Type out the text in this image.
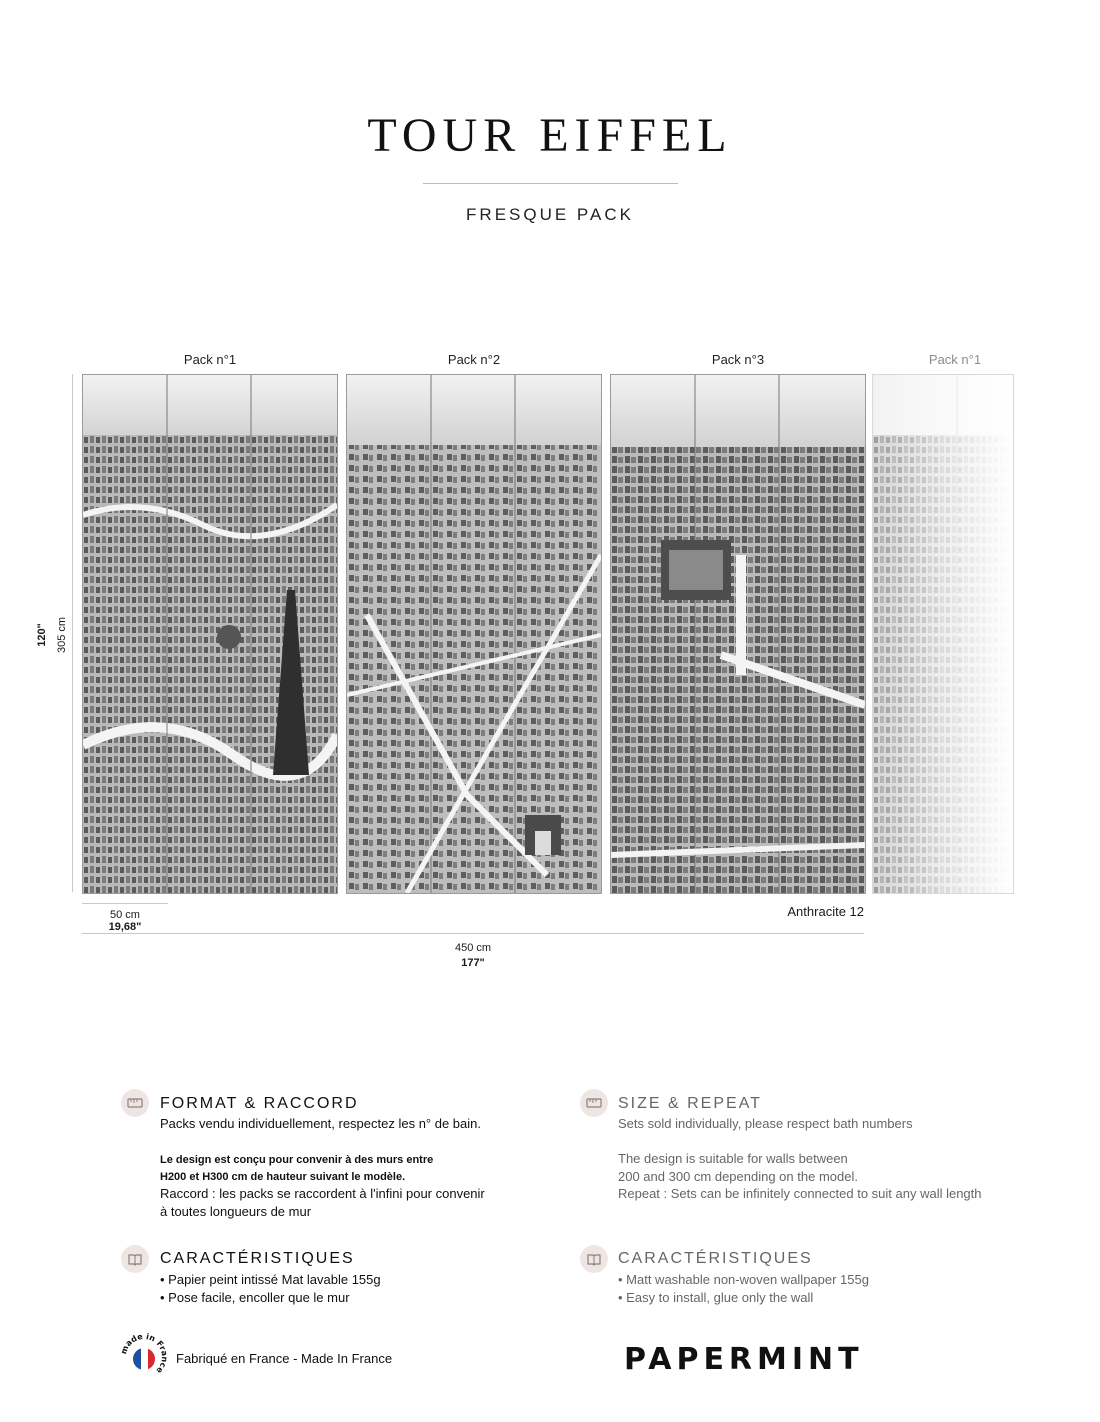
TOUR EIFFEL
FRESQUE PACK
Pack n°1	Pack n°2	Pack n°3	Pack n°1
120" 305 cm
50 cm
19,68"
Anthracite 12
450 cm
177"
FORMAT & RACCORD
Packs vendu individuellement, respectez les n° de bain.
Le design est conçu pour convenir à des murs entre
H200 et H300 cm de hauteur suivant le modèle.
Raccord : les packs se raccordent à l'infini pour convenir
à toutes longueurs de mur
SIZE & REPEAT
Sets sold individually, please respect bath numbers
The design is suitable for walls between
200 and 300 cm depending on the model.
Repeat : Sets can be infinitely connected to suit any wall length
CARACTÉRISTIQUES
• Papier peint intissé Mat lavable 155g
• Pose facile, encoller que le mur
CARACTÉRISTIQUES
• Matt washable non-woven wallpaper 155g
• Easy to install, glue only the wall
made in Fr ce
Fabriqué en France - Made In France	PAPERMINT
